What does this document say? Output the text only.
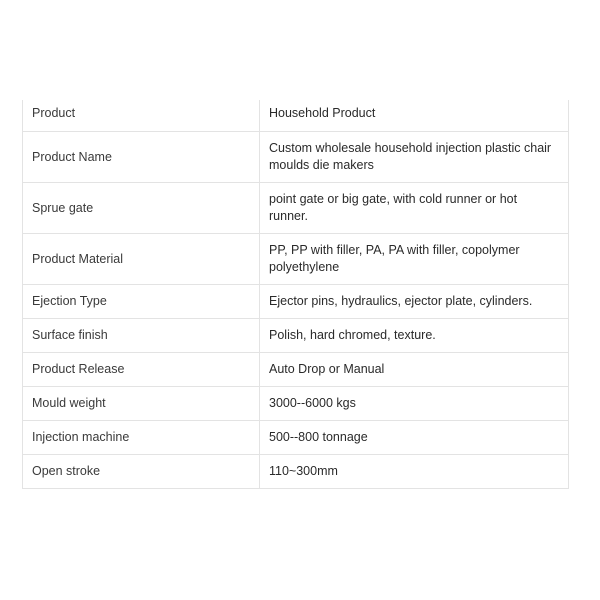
Product	Household Product
Product Name	Custom wholesale household injection plastic chair moulds die makers
Sprue gate	point gate or big gate, with cold runner or hot runner.
Product Material	PP, PP with filler, PA, PA with filler, copolymer polyethylene
Ejection Type	Ejector pins, hydraulics, ejector plate, cylinders.
Surface finish	Polish, hard chromed, texture.
Product Release	Auto Drop or Manual
Mould weight	3000--6000 kgs
Injection machine	500--800 tonnage
Open stroke	110~300mm
